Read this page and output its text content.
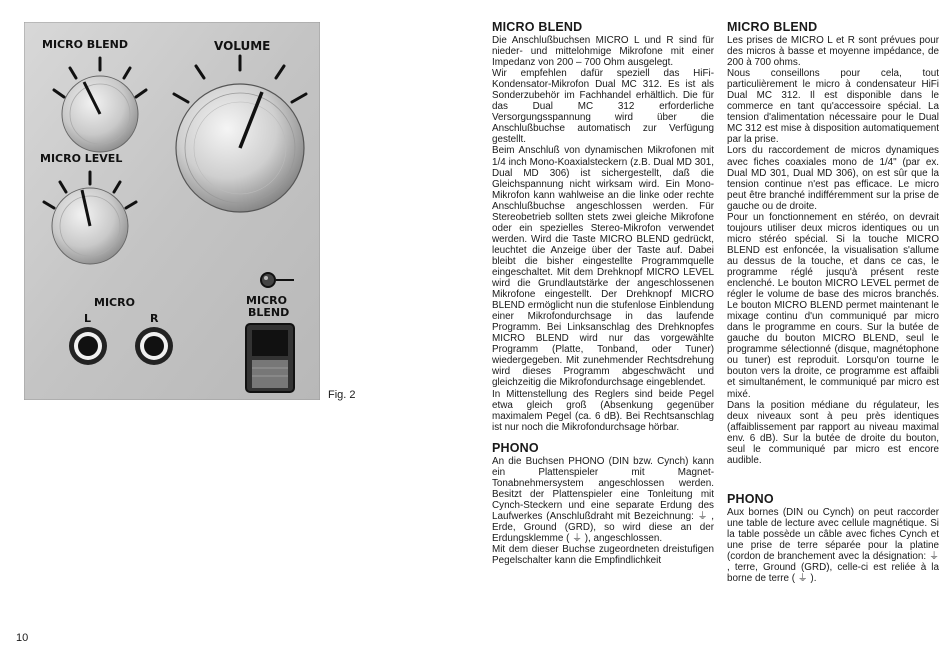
MICRO BLEND	VOLUME
MICRO LEVEL
MICRO
L	R
MICRO
BLEND
Fig. 2
10
MICRO BLEND

Die Anschlußbuchsen MICRO L und R sind für nieder- und mittelohmige Mikrofone mit einer Impedanz von 200 – 700 Ohm ausgelegt.

Wir empfehlen dafür speziell das HiFi-Kondensator-Mikrofon Dual MC 312. Es ist als Sonderzubehör im Fachhandel erhältlich. Die für das Dual MC 312 erforderliche Versorgungsspannung wird über die Anschlußbuchse automatisch zur Verfügung gestellt.

Beim Anschluß von dynamischen Mikrofonen mit 1/4 inch Mono-Koaxialsteckern (z.B. Dual MD 301, Dual MD 306) ist sichergestellt, daß die Gleichspannung nicht wirksam wird. Ein Mono-Mikrofon kann wahlweise an die linke oder rechte Anschlußbuchse angeschlossen werden. Für Stereobetrieb sollten stets zwei gleiche Mikrofone oder ein spezielles Stereo-Mikrofon verwendet werden. Wird die Taste MICRO BLEND gedrückt, leuchtet die Anzeige über der Taste auf. Dabei bleibt die bisher eingestellte Programmquelle eingeschaltet. Mit dem Drehknopf MICRO LEVEL wird die Grundlautstärke der angeschlossenen Mikrofone eingestellt. Der Drehknopf MICRO BLEND ermöglicht nun die stufenlose Einblendung einer Mikrofondurchsage in das laufende Programm. Bei Linksanschlag des Drehknopfes MICRO BLEND wird nur das vorgewählte Programm (Platte, Tonband, oder Tuner) wiedergegeben. Mit zunehmender Rechtsdrehung wird dieses Programm abgeschwächt und gleichzeitig die Mikrofondurchsage eingeblendet.

In Mittenstellung des Reglers sind beide Pegel etwa gleich groß (Absenkung gegenüber maximalem Pegel (ca. 6 dB). Bei Rechtsanschlag ist nur noch die Mikrofondurchsage hörbar.

PHONO

An die Buchsen PHONO (DIN bzw. Cynch) kann ein Plattenspieler mit Magnet-Tonabnehmersystem angeschlossen werden. Besitzt der Plattenspieler eine Tonleitung mit Cynch-Steckern und eine separate Erdung des Laufwerkes (Anschlußdraht mit Bezeichnung: ⏚ , Erde, Ground (GRD), so wird diese an der Erdungsklemme ( ⏚ ), angeschlossen.

Mit dem dieser Buchse zugeordneten dreistufigen Pegelschalter kann die Empfindlichkeit

MICRO BLEND

Les prises de MICRO L et R sont prévues pour des micros à basse et moyenne impédance, de 200 à 700 ohms.

Nous conseillons pour cela, tout particulièrement le micro à condensateur HiFi Dual MC 312. Il est disponible dans le commerce en tant qu'accessoire spécial. La tension d'alimentation nécessaire pour le Dual MC 312 est mise à disposition automatiquement par la prise.

Lors du raccordement de micros dynamiques avec fiches coaxiales mono de 1/4" (par ex. Dual MD 301, Dual MD 306), on est sûr que la tension continue n'est pas efficace. Le micro peut être branché indifféremment sur la prise de gauche ou de droite.

Pour un fonctionnement en stéréo, on devrait toujours utiliser deux micros identiques ou un micro stéréo spécial. Si la touche MICRO BLEND est enfoncée, la visualisation s'allume au dessus de la touche, et dans ce cas, le programme réglé jusqu'à présent reste enclenché. Le bouton MICRO LEVEL permet de régler le volume de base des micros branchés. Le bouton MICRO BLEND permet maintenant le mixage continu d'un communiqué par micro dans le programme en cours. Sur la butée de gauche du bouton MICRO BLEND, seul le programme sélectionné (disque, magnétophone ou tuner) est reproduit. Lorsqu'on tourne le bouton vers la droite, ce programme est affaibli et simultanément, le communiqué par micro est mixé.

Dans la position médiane du régulateur, les deux niveaux sont à peu près identiques (affaiblissement par rapport au niveau maximal env. 6 dB). Sur la butée de droite du bouton, seul le communiqué par micro est encore audible.

PHONO

Aux bornes (DIN ou Cynch) on peut raccorder une table de lecture avec cellule magnétique. Si la table possède un câble avec fiches Cynch et une prise de terre séparée pour la platine (cordon de branchement avec la désignation: ⏚ , terre, Ground (GRD), celle-ci est reliée à la borne de terre ( ⏚ ).
